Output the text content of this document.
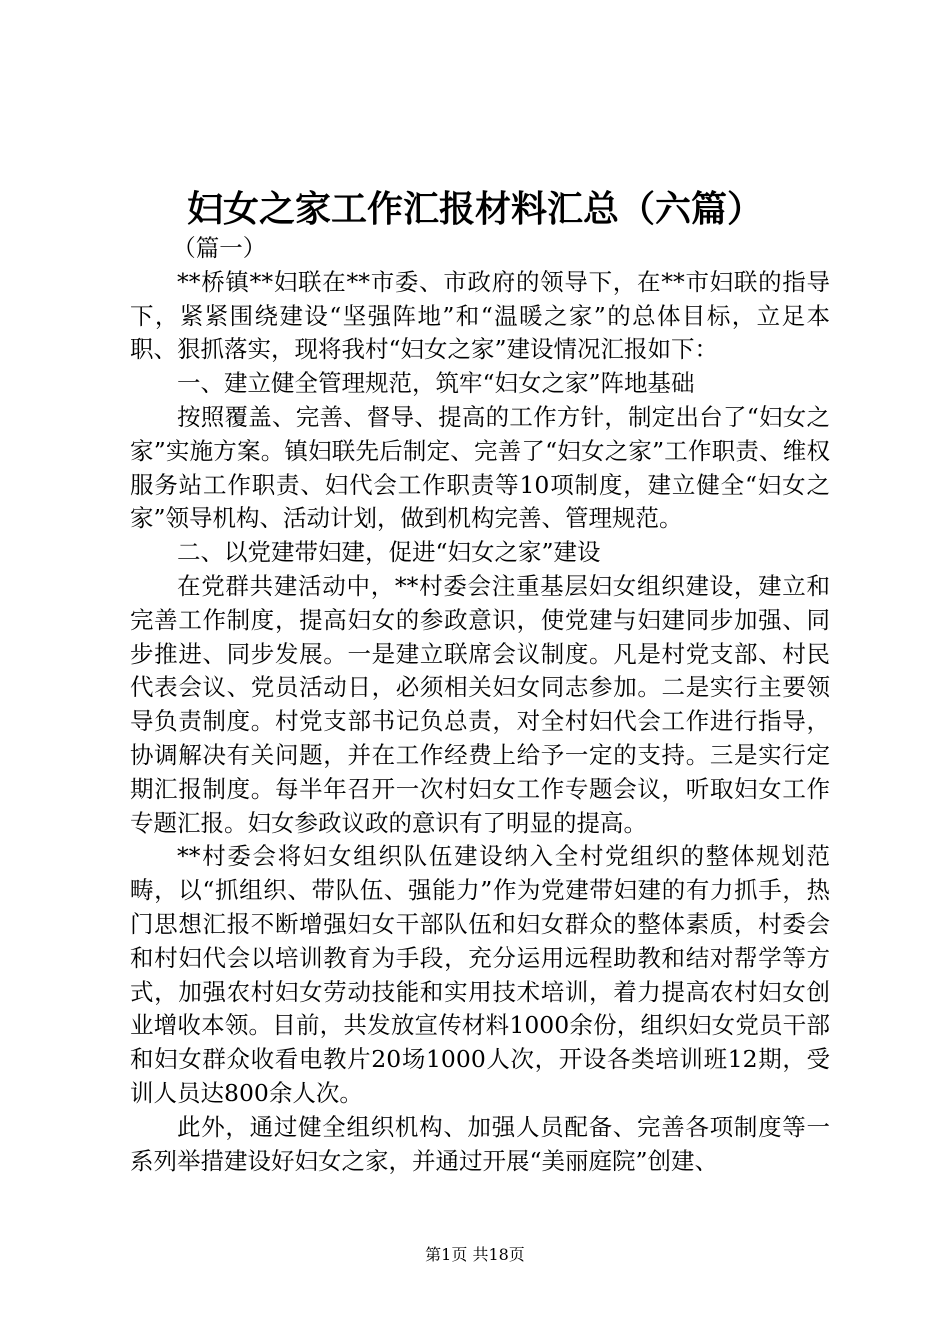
妇女之家工作汇报材料汇总（六篇）

（篇一）

**桥镇**妇联在**市委、市政府的领导下，在**市妇联的指导下，紧紧围绕建设“坚强阵地”和“温暖之家”的总体目标，立足本职、狠抓落实，现将我村“妇女之家”建设情况汇报如下：

一、建立健全管理规范，筑牢“妇女之家”阵地基础

按照覆盖、完善、督导、提高的工作方针，制定出台了“妇女之家”实施方案。镇妇联先后制定、完善了“妇女之家”工作职责、维权服务站工作职责、妇代会工作职责等10项制度，建立健全“妇女之家”领导机构、活动计划，做到机构完善、管理规范。

二、以党建带妇建，促进“妇女之家”建设

在党群共建活动中，**村委会注重基层妇女组织建设，建立和完善工作制度，提高妇女的参政意识，使党建与妇建同步加强、同步推进、同步发展。一是建立联席会议制度。凡是村党支部、村民代表会议、党员活动日，必须相关妇女同志参加。二是实行主要领导负责制度。村党支部书记负总责，对全村妇代会工作进行指导，协调解决有关问题，并在工作经费上给予一定的支持。三是实行定期汇报制度。每半年召开一次村妇女工作专题会议，听取妇女工作专题汇报。妇女参政议政的意识有了明显的提高。

**村委会将妇女组织队伍建设纳入全村党组织的整体规划范畴，以“抓组织、带队伍、强能力”作为党建带妇建的有力抓手，热门思想汇报不断增强妇女干部队伍和妇女群众的整体素质，村委会和村妇代会以培训教育为手段，充分运用远程助教和结对帮学等方式，加强农村妇女劳动技能和实用技术培训，着力提高农村妇女创业增收本领。目前，共发放宣传材料1000余份，组织妇女党员干部和妇女群众收看电教片20场1000人次，开设各类培训班12期，受训人员达800余人次。

此外，通过健全组织机构、加强人员配备、完善各项制度等一系列举措建设好妇女之家，并通过开展“美丽庭院”创建、

第1页 共18页
